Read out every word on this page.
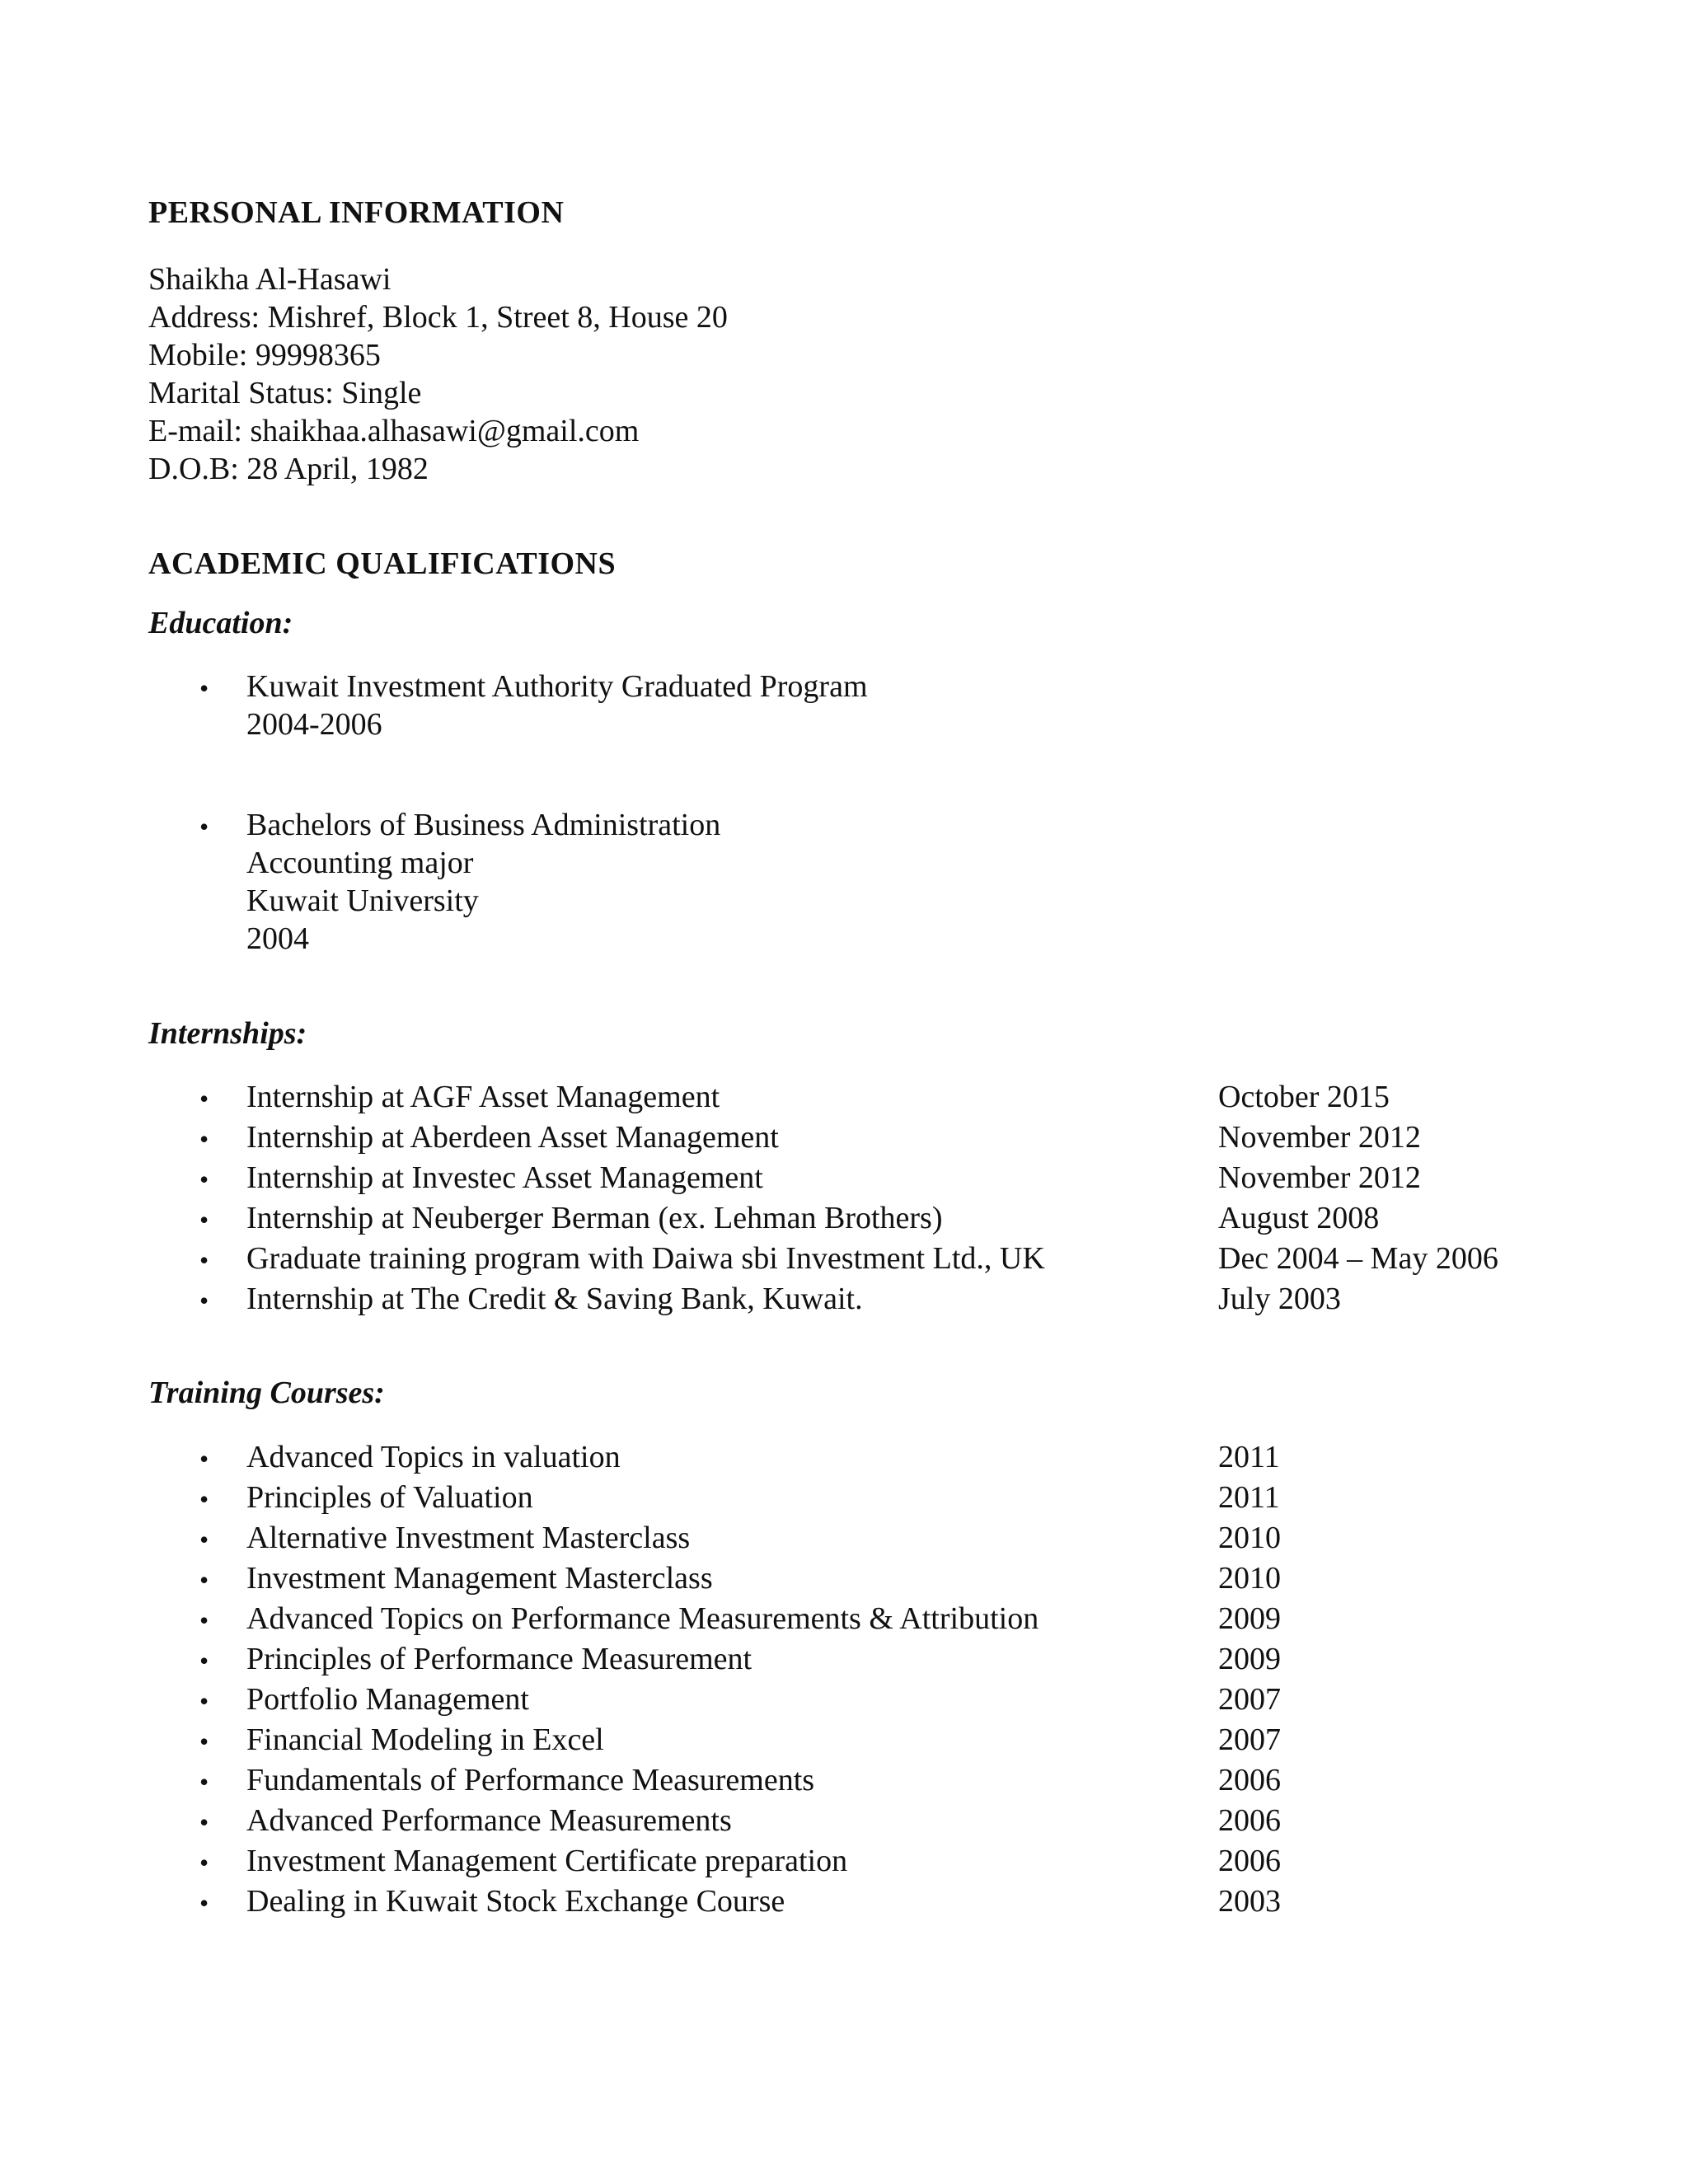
PERSONAL INFORMATION
Shaikha Al-Hasawi
Address: Mishref, Block 1, Street 8, House 20
Mobile: 99998365
Marital Status: Single
E-mail: shaikhaa.alhasawi@gmail.com
D.O.B: 28 April, 1982
ACADEMIC QUALIFICATIONS
Education:
• Kuwait Investment Authority Graduated Program
2004-2006
• Bachelors of Business Administration
Accounting major
Kuwait University
2004
Internships:
• Internship at AGF Asset Management	October 2015
• Internship at Aberdeen Asset Management	November 2012
• Internship at Investec Asset Management	November 2012
• Internship at Neuberger Berman (ex. Lehman Brothers)	August 2008
• Graduate training program with Daiwa sbi Investment Ltd., UK	Dec 2004 – May 2006
• Internship at The Credit & Saving Bank, Kuwait.	July 2003
Training Courses:
• Advanced Topics in valuation	2011
• Principles of Valuation	2011
• Alternative Investment Masterclass	2010
• Investment Management Masterclass	2010
• Advanced Topics on Performance Measurements & Attribution	2009
• Principles of Performance Measurement	2009
• Portfolio Management	2007
• Financial Modeling in Excel	2007
• Fundamentals of Performance Measurements	2006
• Advanced Performance Measurements	2006
• Investment Management Certificate preparation	2006
• Dealing in Kuwait Stock Exchange Course	2003
